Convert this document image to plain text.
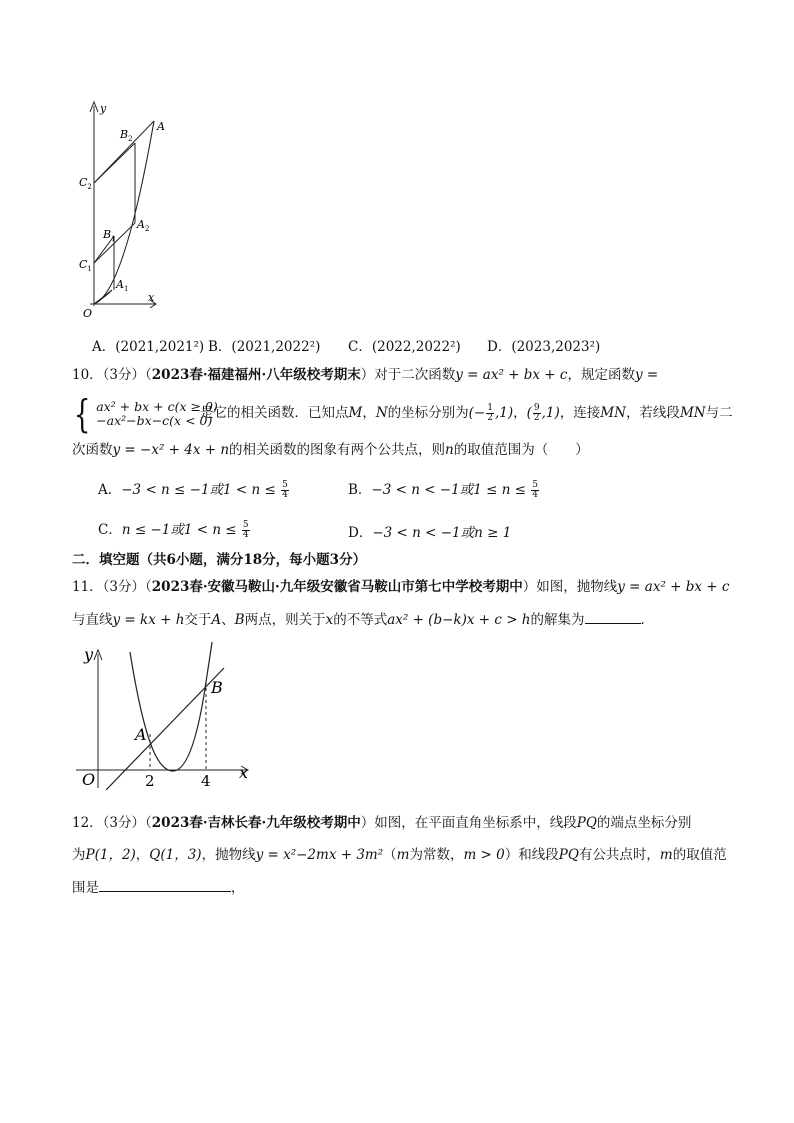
y
x
O
A
$B_2$
$C_2$
$A_2$
$B_1$
$C_1$
$A_1$
A．(2021,2021²) B．(2021,2022²) C．(2022,2022²) D．(2023,2023²)
10．（3分）（2023春·福建福州·八年级校考期末）对于二次函数y = ax² + bx + c，规定函数y =
{ ax² + bx + c(x ≥ 0)
−ax²−bx−c(x < 0)
是它的相关函数．已知点M，N的坐标分别为(− $\frac{1}{2} ,1$)，( $\frac{9}{2} ,1$)，连接MN，若线段MN与二
次函数y = −x² + 4x + n的相关函数的图象有两个公共点，则n的取值范围为（　　）
A．−3 < n ≤ −1或$1 < n \le \frac{5}{4}$	B．−3 < n < −1或$1 \le n \le \frac{5}{4}$
C．n ≤ −1或$1 < n \le \frac{5}{4}$	D．−3 < n < −1或n ≥ 1
二．填空题（共6小题，满分18分，每小题3分）
11．（3分）（2023春·安徽马鞍山·九年级安徽省马鞍山市第七中学校考期中）如图，抛物线y = ax² + bx + c
与直线y = kx + h交于A、B两点，则关于x的不等式ax² + (b−k)x + c > h的解集为	．
y
x
O
A
B
2	4
12．（3分）（2023春·吉林长春·九年级校考期中）如图，在平面直角坐标系中，线段PQ的端点坐标分别
为P(1，2)，Q(1，3)，抛物线y = x²−2mx + 3m²（m为常数，m > 0）和线段PQ有公共点时，m的取值范
围是	，
